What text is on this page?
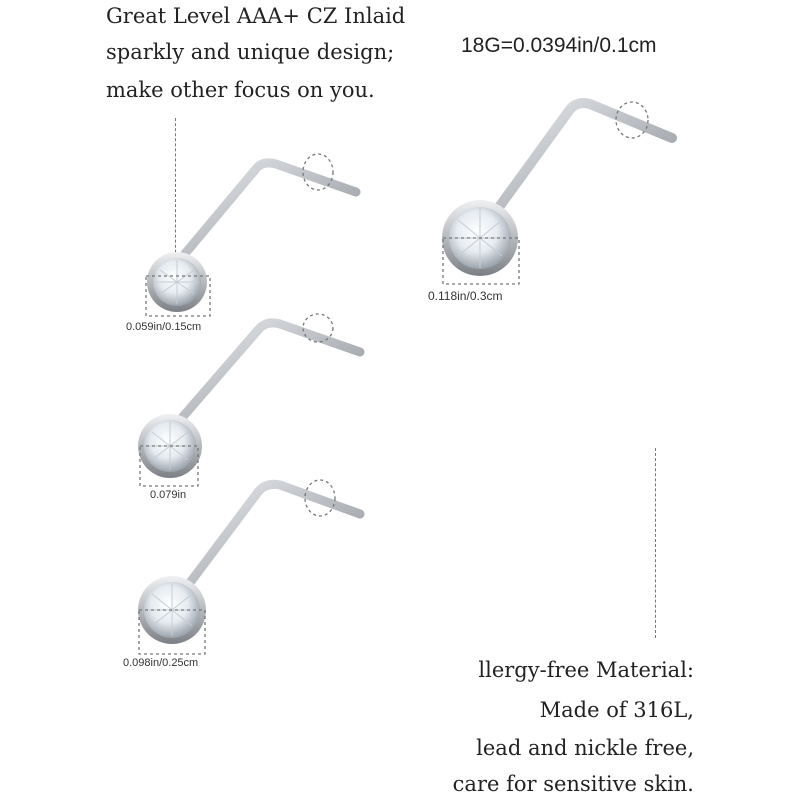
Great Level AAA+ CZ Inlaid
sparkly and unique design;
make other focus on you.
18G=0.0394in/0.1cm
0.059in/0.15cm
0.079in
0.098in/0.25cm
0.118in/0.3cm
llergy-free Material:
Made of 316L,
lead and nickle free,
care for sensitive skin.
